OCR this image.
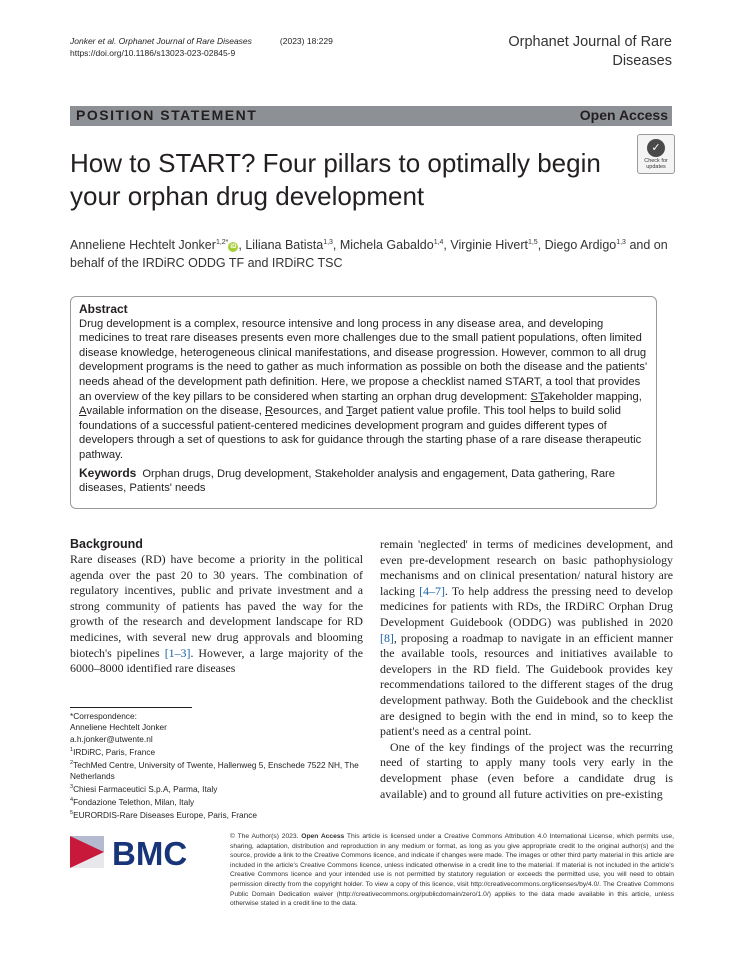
Jonker et al. Orphanet Journal of Rare Diseases	(2023) 18:229
https://doi.org/10.1186/s13023-023-02845-9
Orphanet Journal of Rare Diseases
POSITION STATEMENT	Open Access
✓
Check for updates
How to START? Four pillars to optimally begin your orphan drug development
Anneliene Hechtelt Jonker$^{1,2*}$iD , Liliana Batista$^{1,3}$, Michela Gabaldo$^{1,4}$, Virginie Hivert$^{1,5}$, Diego Ardigo$^{1,3}$ and on behalf of the IRDiRC ODDG TF and IRDiRC TSC
Abstract
Drug development is a complex, resource intensive and long process in any disease area, and developing medicines to treat rare diseases presents even more challenges due to the small patient populations, often limited disease knowledge, heterogeneous clinical manifestations, and disease progression. However, common to all drug development programs is the need to gather as much information as possible on both the disease and the patients' needs ahead of the development path definition. Here, we propose a checklist named START, a tool that provides an overview of the key pillars to be considered when starting an orphan drug development: STakeholder mapping, Available information on the disease, Resources, and Target patient value profile. This tool helps to build solid foundations of a successful patient-centered medicines development program and guides different types of developers through a set of questions to ask for guidance through the starting phase of a rare disease therapeutic pathway.
Keywords Orphan drugs, Drug development, Stakeholder analysis and engagement, Data gathering, Rare diseases, Patients' needs
Background

Rare diseases (RD) have become a priority in the political agenda over the past 20 to 30 years. The combination of regulatory incentives, public and private investment and a strong community of patients has paved the way for the growth of the research and development landscape for RD medicines, with several new drug approvals and blooming biotech's pipelines [1–3]. However, a large majority of the 6000–8000 identified rare diseases

remain 'neglected' in terms of medicines development, and even pre-development research on basic pathophysiology mechanisms and on clinical presentation/ natural history are lacking [4–7]. To help address the pressing need to develop medicines for patients with RDs, the IRDiRC Orphan Drug Development Guidebook (ODDG) was published in 2020 [8], proposing a roadmap to navigate in an efficient manner the available tools, resources and initiatives available to developers in the RD field. The Guidebook provides key recommendations tailored to the different stages of the drug development pathway. Both the Guidebook and the checklist are designed to begin with the end in mind, so to keep the patient's need as a central point.

One of the key findings of the project was the recurring need of starting to apply many tools very early in the development phase (even before a candidate drug is available) and to ground all future activities on pre-existing

*Correspondence:
Anneliene Hechtelt Jonker
a.h.jonker@utwente.nl
$^1$IRDiRC, Paris, France
$^2$TechMed Centre, University of Twente, Hallenweg 5, Enschede 7522 NH, The Netherlands
$^3$Chiesi Farmaceutici S.p.A, Parma, Italy
$^4$Fondazione Telethon, Milan, Italy
$^5$EURORDIS-Rare Diseases Europe, Paris, France
BMC	© The Author(s) 2023. Open Access This article is licensed under a Creative Commons Attribution 4.0 International License, which permits use, sharing, adaptation, distribution and reproduction in any medium or format, as long as you give appropriate credit to the original author(s) and the source, provide a link to the Creative Commons licence, and indicate if changes were made. The images or other third party material in this article are included in the article's Creative Commons licence, unless indicated otherwise in a credit line to the material. If material is not included in the article's Creative Commons licence and your intended use is not permitted by statutory regulation or exceeds the permitted use, you will need to obtain permission directly from the copyright holder. To view a copy of this licence, visit http://creativecommons.org/licenses/by/4.0/. The Creative Commons Public Domain Dedication waiver (http://creativecommons.org/publicdomain/zero/1.0/) applies to the data made available in this article, unless otherwise stated in a credit line to the data.
